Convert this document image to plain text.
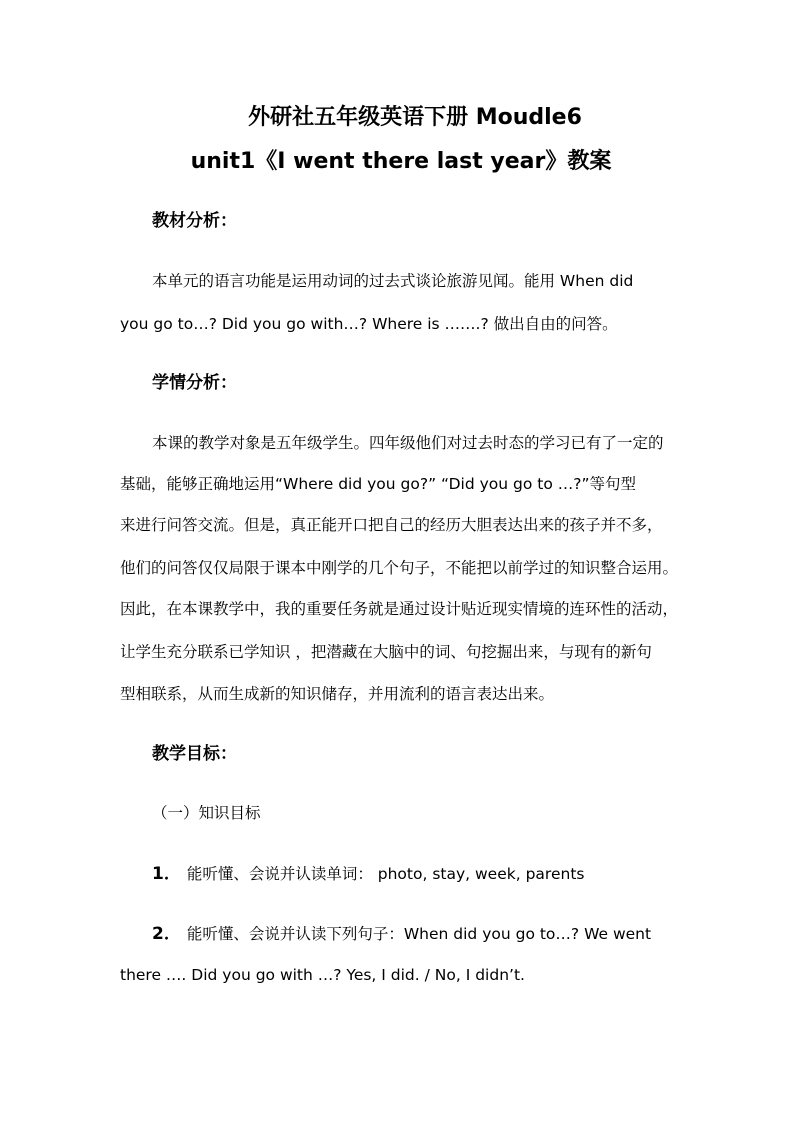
外研社五年级英语下册 Moudle6
unit1《I went there last year》教案
教材分析：
本单元的语言功能是运用动词的过去式谈论旅游见闻。能用 When did
you go to…? Did you go with…? Where is …….? 做出自由的问答。
学情分析：
本课的教学对象是五年级学生。四年级他们对过去时态的学习已有了一定的
基础，能够正确地运用“Where did you go?” “Did you go to …?”等句型
来进行问答交流。但是，真正能开口把自己的经历大胆表达出来的孩子并不多，
他们的问答仅仅局限于课本中刚学的几个句子，不能把以前学过的知识整合运用。
因此，在本课教学中，我的重要任务就是通过设计贴近现实情境的连环性的活动，
让学生充分联系已学知识 ，把潜藏在大脑中的词、句挖掘出来，与现有的新句
型相联系，从而生成新的知识储存，并用流利的语言表达出来。
教学目标：
（一）知识目标
1． 能听懂、会说并认读单词： photo, stay, week, parents
2． 能听懂、会说并认读下列句子：When did you go to…? We went
there …. Did you go with …? Yes, I did. / No, I didn’t.
